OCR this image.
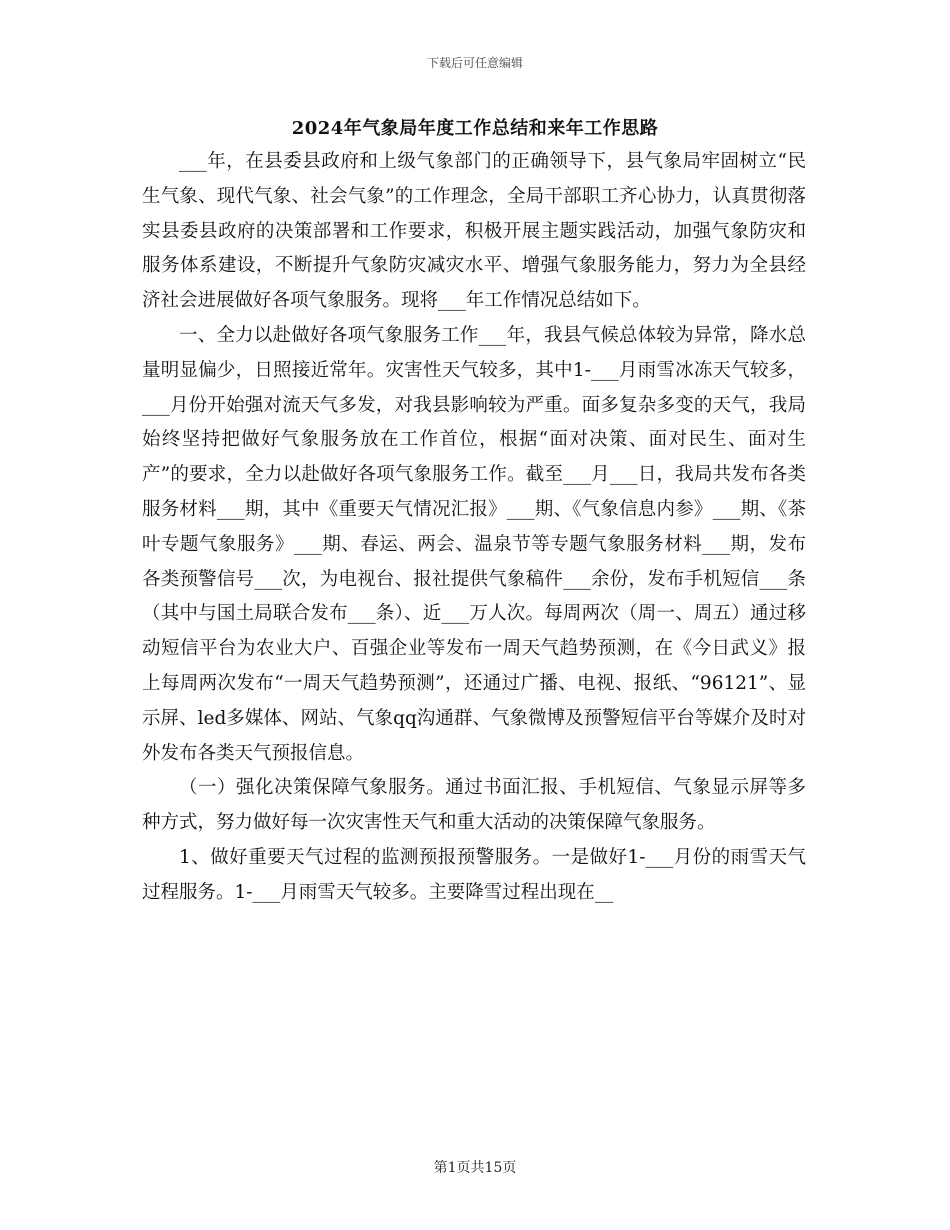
下载后可任意编辑
2024年气象局年度工作总结和来年工作思路

___年，在县委县政府和上级气象部门的正确领导下，县气象局牢固树立“民生气象、现代气象、社会气象”的工作理念，全局干部职工齐心协力，认真贯彻落实县委县政府的决策部署和工作要求，积极开展主题实践活动，加强气象防灾和服务体系建设，不断提升气象防灾减灾水平、增强气象服务能力，努力为全县经济社会进展做好各项气象服务。现将___年工作情况总结如下。

一、全力以赴做好各项气象服务工作___年，我县气候总体较为异常，降水总量明显偏少，日照接近常年。灾害性天气较多，其中1-___月雨雪冰冻天气较多，___月份开始强对流天气多发，对我县影响较为严重。面多复杂多变的天气，我局始终坚持把做好气象服务放在工作首位，根据“面对决策、面对民生、面对生产”的要求，全力以赴做好各项气象服务工作。截至___月___日，我局共发布各类服务材料___期，其中《重要天气情况汇报》___期、《气象信息内参》___期、《茶叶专题气象服务》___期、春运、两会、温泉节等专题气象服务材料___期，发布各类预警信号___次，为电视台、报社提供气象稿件___余份，发布手机短信___条（其中与国土局联合发布___条）、近___万人次。每周两次（周一、周五）通过移动短信平台为农业大户、百强企业等发布一周天气趋势预测，在《今日武义》报上每周两次发布“一周天气趋势预测”，还通过广播、电视、报纸、“96121”、显示屏、led多媒体、网站、气象qq沟通群、气象微博及预警短信平台等媒介及时对外发布各类天气预报信息。

（一）强化决策保障气象服务。通过书面汇报、手机短信、气象显示屏等多种方式，努力做好每一次灾害性天气和重大活动的决策保障气象服务。

1、做好重要天气过程的监测预报预警服务。一是做好1-___月份的雨雪天气过程服务。1-___月雨雪天气较多。主要降雪过程出现在__

第1页共15页
